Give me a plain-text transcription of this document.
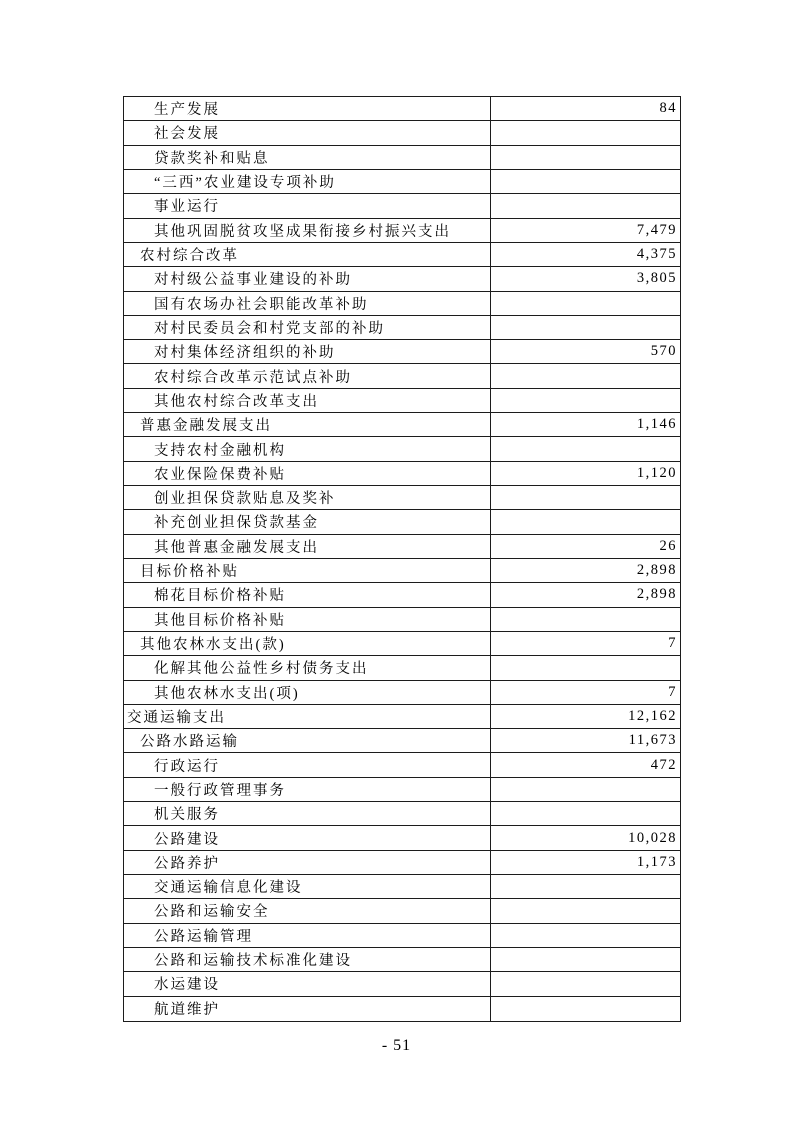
生产发展	84
社会发展
贷款奖补和贴息
“三西”农业建设专项补助
事业运行
其他巩固脱贫攻坚成果衔接乡村振兴支出	7,479
农村综合改革	4,375
对村级公益事业建设的补助	3,805
国有农场办社会职能改革补助
对村民委员会和村党支部的补助
对村集体经济组织的补助	570
农村综合改革示范试点补助
其他农村综合改革支出
普惠金融发展支出	1,146
支持农村金融机构
农业保险保费补贴	1,120
创业担保贷款贴息及奖补
补充创业担保贷款基金
其他普惠金融发展支出	26
目标价格补贴	2,898
棉花目标价格补贴	2,898
其他目标价格补贴
其他农林水支出(款)	7
化解其他公益性乡村债务支出
其他农林水支出(项)	7
交通运输支出	12,162
公路水路运输	11,673
行政运行	472
一般行政管理事务
机关服务
公路建设	10,028
公路养护	1,173
交通运输信息化建设
公路和运输安全
公路运输管理
公路和运输技术标准化建设
水运建设
航道维护
- 51
